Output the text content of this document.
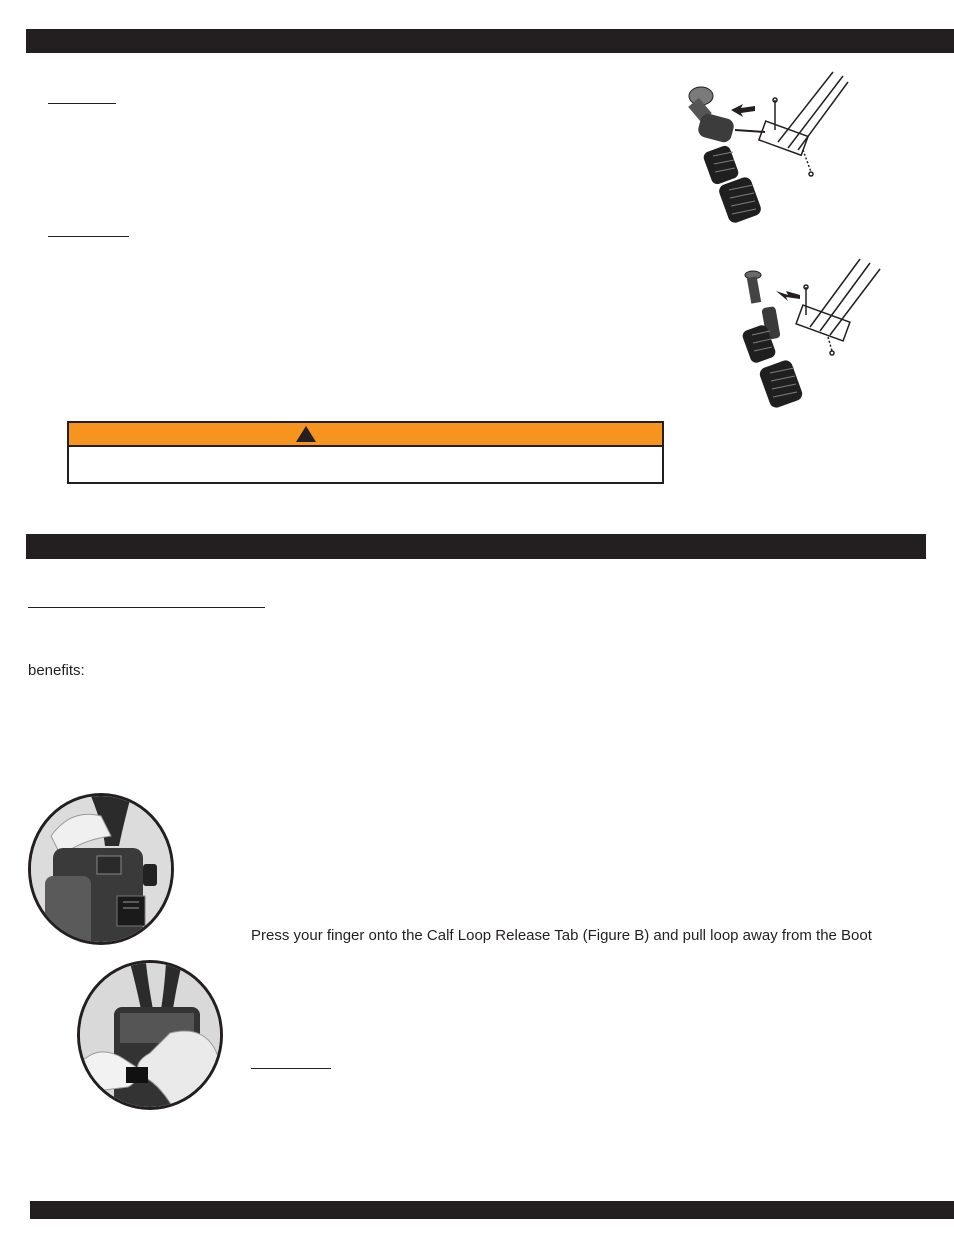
benefits:
Press your finger onto the Calf Loop Release Tab (Figure B) and pull loop away from the Boot
